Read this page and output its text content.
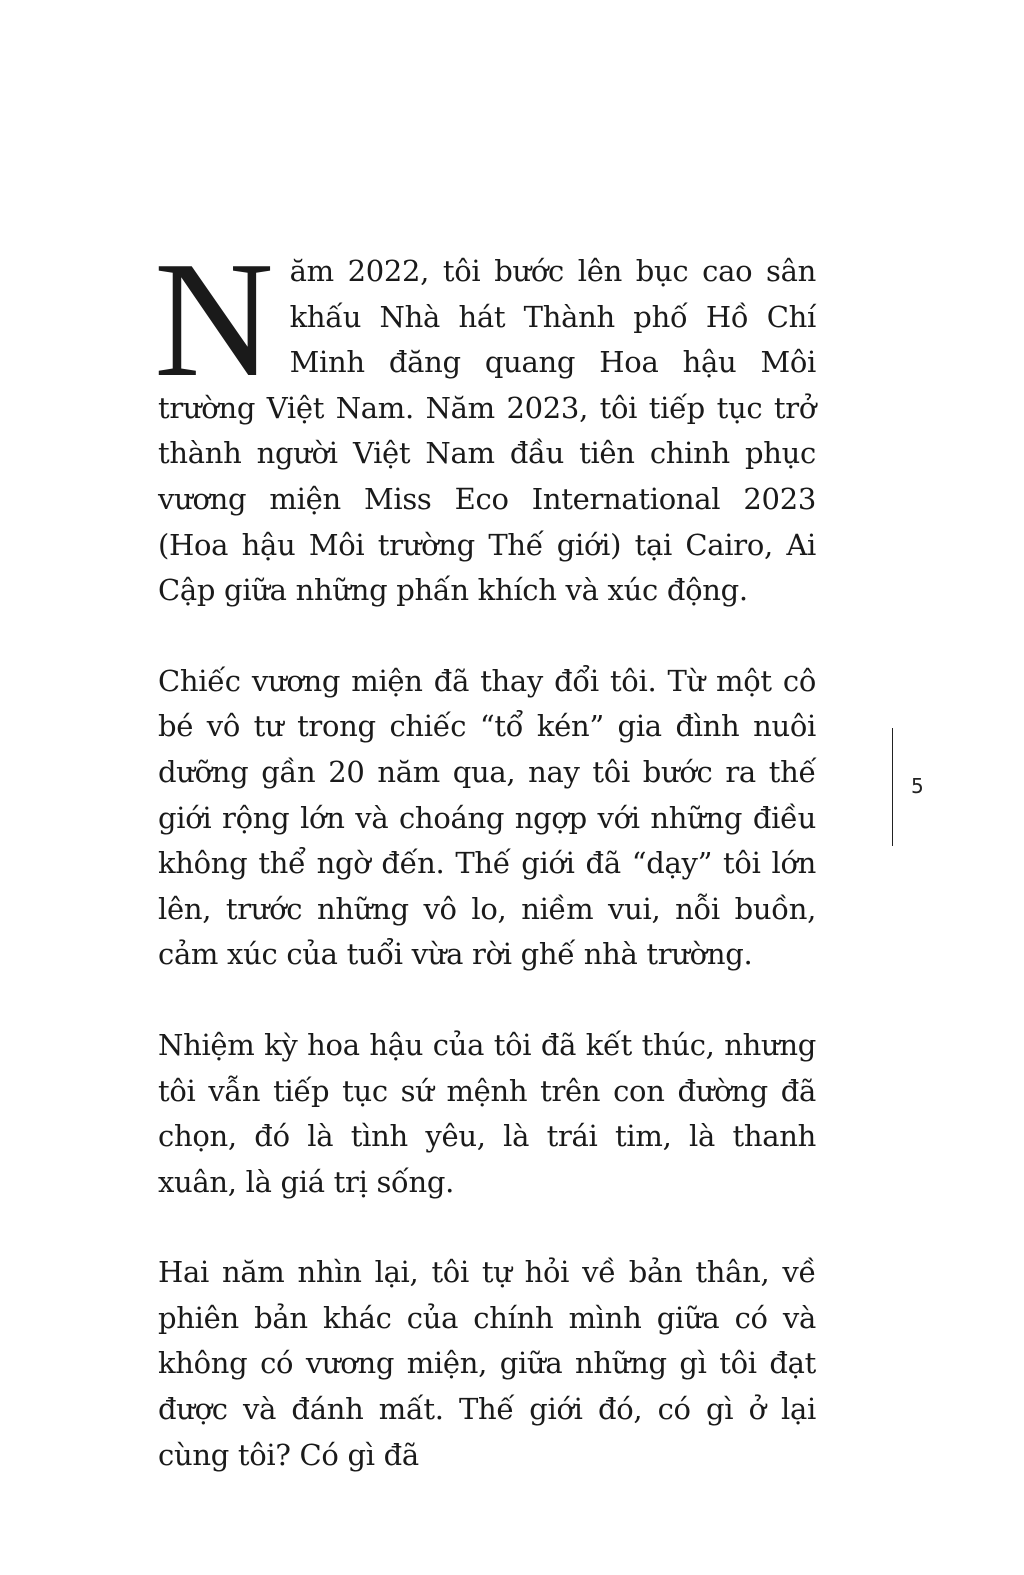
Năm 2022, tôi bước lên bục cao sân khấu Nhà hát Thành phố Hồ Chí Minh đăng quang Hoa hậu Môi trường Việt Nam. Năm 2023, tôi tiếp tục trở thành người Việt Nam đầu tiên chinh phục vương miện Miss Eco International 2023 (Hoa hậu Môi trường Thế giới) tại Cairo, Ai Cập giữa những phấn khích và xúc động.

Chiếc vương miện đã thay đổi tôi. Từ một cô bé vô tư trong chiếc “tổ kén” gia đình nuôi dưỡng gần 20 năm qua, nay tôi bước ra thế giới rộng lớn và choáng ngợp với những điều không thể ngờ đến. Thế giới đã “dạy” tôi lớn lên, trước những vô lo, niềm vui, nỗi buồn, cảm xúc của tuổi vừa rời ghế nhà trường.

Nhiệm kỳ hoa hậu của tôi đã kết thúc, nhưng tôi vẫn tiếp tục sứ mệnh trên con đường đã chọn, đó là tình yêu, là trái tim, là thanh xuân, là giá trị sống.

Hai năm nhìn lại, tôi tự hỏi về bản thân, về phiên bản khác của chính mình giữa có và không có vương miện, giữa những gì tôi đạt được và đánh mất. Thế giới đó, có gì ở lại cùng tôi? Có gì đã

5
